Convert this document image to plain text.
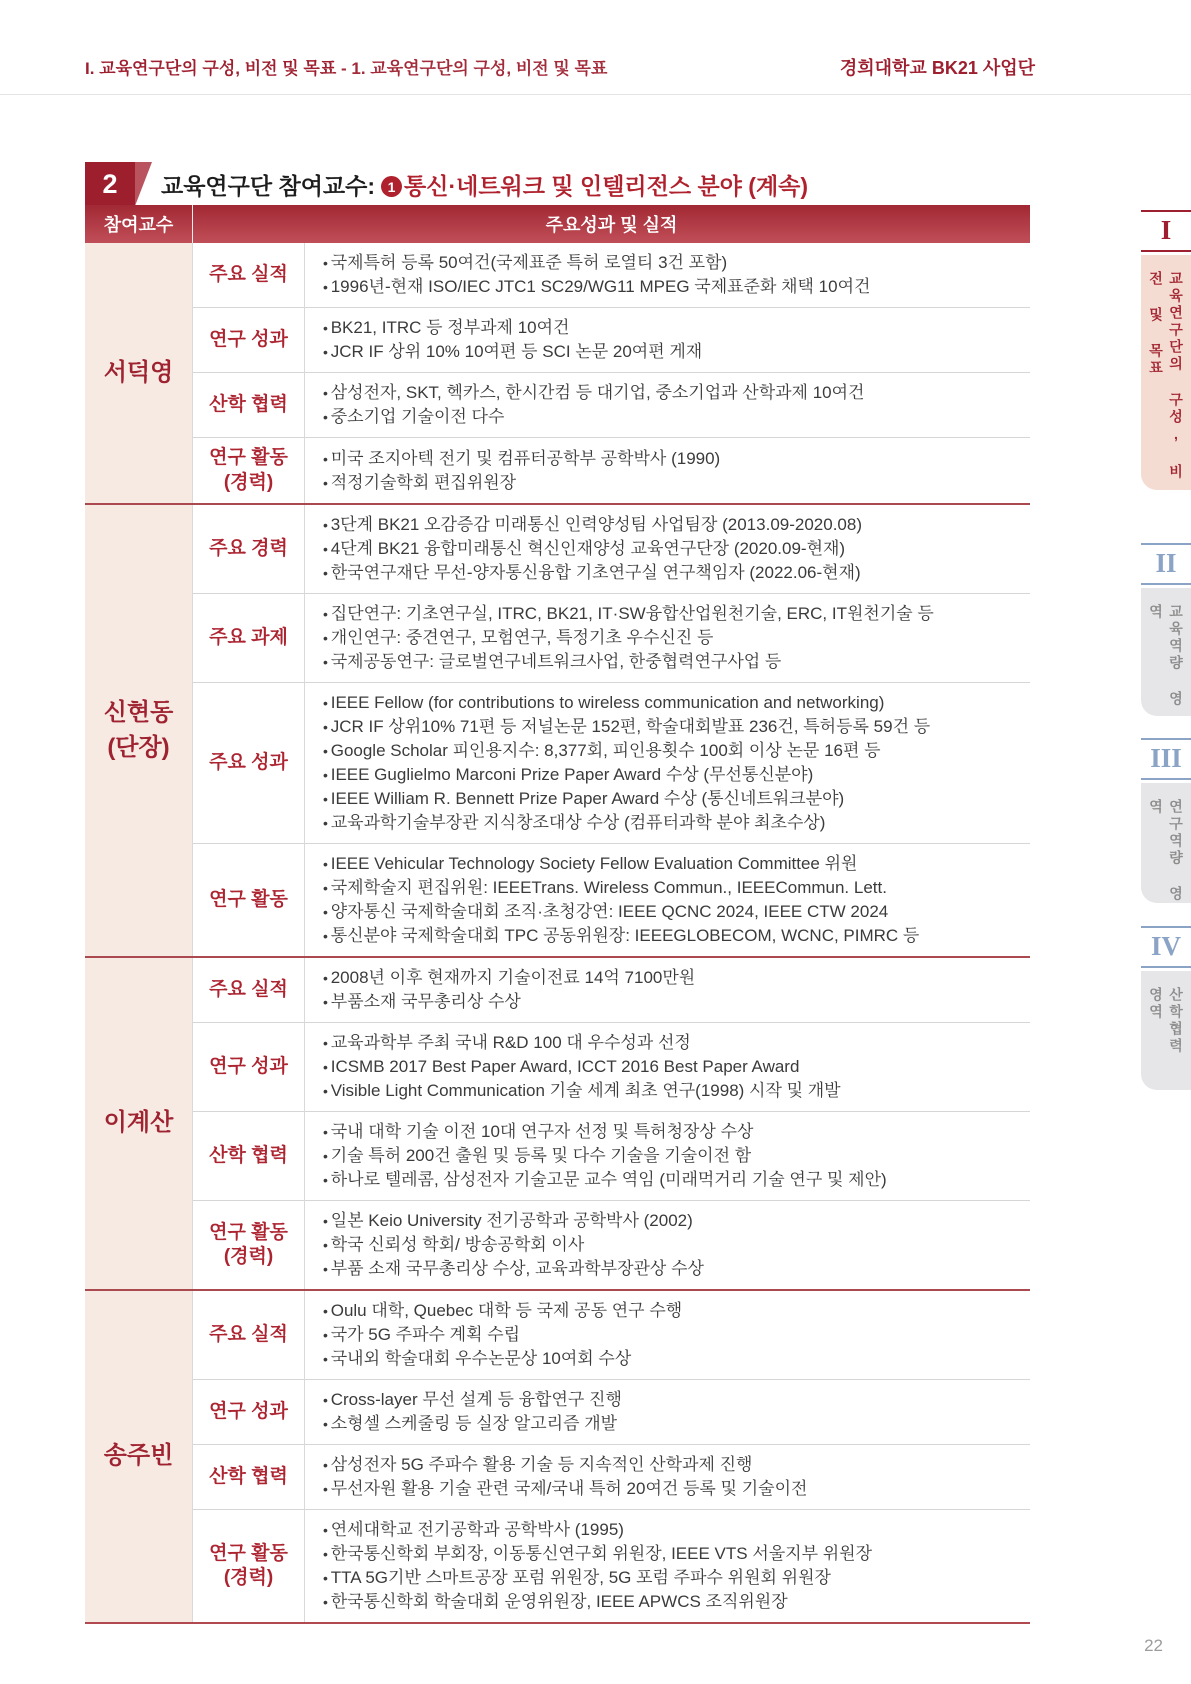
I. 교육연구단의 구성, 비전 및 목표 - 1. 교육연구단의 구성, 비전 및 목표	경희대학교 BK21 사업단
2 교육연구단 참여교수: 1 통신·네트워크 및 인텔리전스 분야 (계속)
참여교수	주요성과 및 실적
서덕영
주요 실적
• 국제특허 등록 50여건(국제표준 특허 로열티 3건 포함)
• 1996년-현재 ISO/IEC JTC1 SC29/WG11 MPEG 국제표준화 채택 10여건
연구 성과
• BK21, ITRC 등 정부과제 10여건
• JCR IF 상위 10% 10여편 등 SCI 논문 20여편 게재
산학 협력
• 삼성전자, SKT, 헥카스, 한시간컴 등 대기업, 중소기업과 산학과제 10여건
• 중소기업 기술이전 다수
연구 활동
(경력)
• 미국 조지아텍 전기 및 컴퓨터공학부 공학박사 (1990)
• 적정기술학회 편집위원장
신현동
(단장)
주요 경력
• 3단계 BK21 오감증감 미래통신 인력양성팀 사업팀장 (2013.09-2020.08)
• 4단계 BK21 융합미래통신 혁신인재양성 교육연구단장 (2020.09-현재)
• 한국연구재단 무선-양자통신융합 기초연구실 연구책임자 (2022.06-현재)
주요 과제
• 집단연구: 기초연구실, ITRC, BK21, IT·SW융합산업원천기술, ERC, IT원천기술 등
• 개인연구: 중견연구, 모험연구, 특정기초 우수신진 등
• 국제공동연구: 글로벌연구네트워크사업, 한중협력연구사업 등
주요 성과
• IEEE Fellow (for contributions to wireless communication and networking)
• JCR IF 상위10% 71편 등 저널논문 152편, 학술대회발표 236건, 특허등록 59건 등
• Google Scholar 피인용지수: 8,377회, 피인용횟수 100회 이상 논문 16편 등
• IEEE Guglielmo Marconi Prize Paper Award 수상 (무선통신분야)
• IEEE William R. Bennett Prize Paper Award 수상 (통신네트워크분야)
• 교육과학기술부장관 지식창조대상 수상 (컴퓨터과학 분야 최초수상)
연구 활동
• IEEE Vehicular Technology Society Fellow Evaluation Committee 위원
• 국제학술지 편집위원: IEEETrans. Wireless Commun., IEEECommun. Lett.
• 양자통신 국제학술대회 조직·초청강연: IEEE QCNC 2024, IEEE CTW 2024
• 통신분야 국제학술대회 TPC 공동위원장: IEEEGLOBECOM, WCNC, PIMRC 등
이계산
주요 실적
• 2008년 이후 현재까지 기술이전료 14억 7100만원
• 부품소재 국무총리상 수상
연구 성과
• 교육과학부 주최 국내 R&D 100 대 우수성과 선정
• ICSMB 2017 Best Paper Award, ICCT 2016 Best Paper Award
• Visible Light Communication 기술 세계 최초 연구(1998) 시작 및 개발
산학 협력
• 국내 대학 기술 이전 10대 연구자 선정 및 특허청장상 수상
• 기술 특허 200건 출원 및 등록 및 다수 기술을 기술이전 함
• 하나로 텔레콤, 삼성전자 기술고문 교수 역임 (미래먹거리 기술 연구 및 제안)
연구 활동
(경력)
• 일본 Keio University 전기공학과 공학박사 (2002)
• 학국 신뢰성 학회/ 방송공학회 이사
• 부품 소재 국무총리상 수상, 교육과학부장관상 수상
송주빈
주요 실적
• Oulu 대학, Quebec 대학 등 국제 공동 연구 수행
• 국가 5G 주파수 계획 수립
• 국내외 학술대회 우수논문상 10여회 수상
연구 성과
• Cross-layer 무선 설계 등 융합연구 진행
• 소형셀 스케줄링 등 실장 알고리즘 개발
산학 협력
• 삼성전자 5G 주파수 활용 기술 등 지속적인 산학과제 진행
• 무선자원 활용 기술 관련 국제/국내 특허 20여건 등록 및 기술이전
연구 활동
(경력)
• 연세대학교 전기공학과 공학박사 (1995)
• 한국통신학회 부회장, 이동통신연구회 위원장, IEEE VTS 서울지부 위원장
• TTA 5G기반 스마트공장 포럼 위원장, 5G 포럼 주파수 위원회 위원장
• 한국통신학회 학술대회 운영위원장, IEEE APWCS 조직위원장
I
교육연구단의 구성, 비전 및 목표
II
교육역량 영역
III
연구역량 영역
IV
산학협력 영역
22
